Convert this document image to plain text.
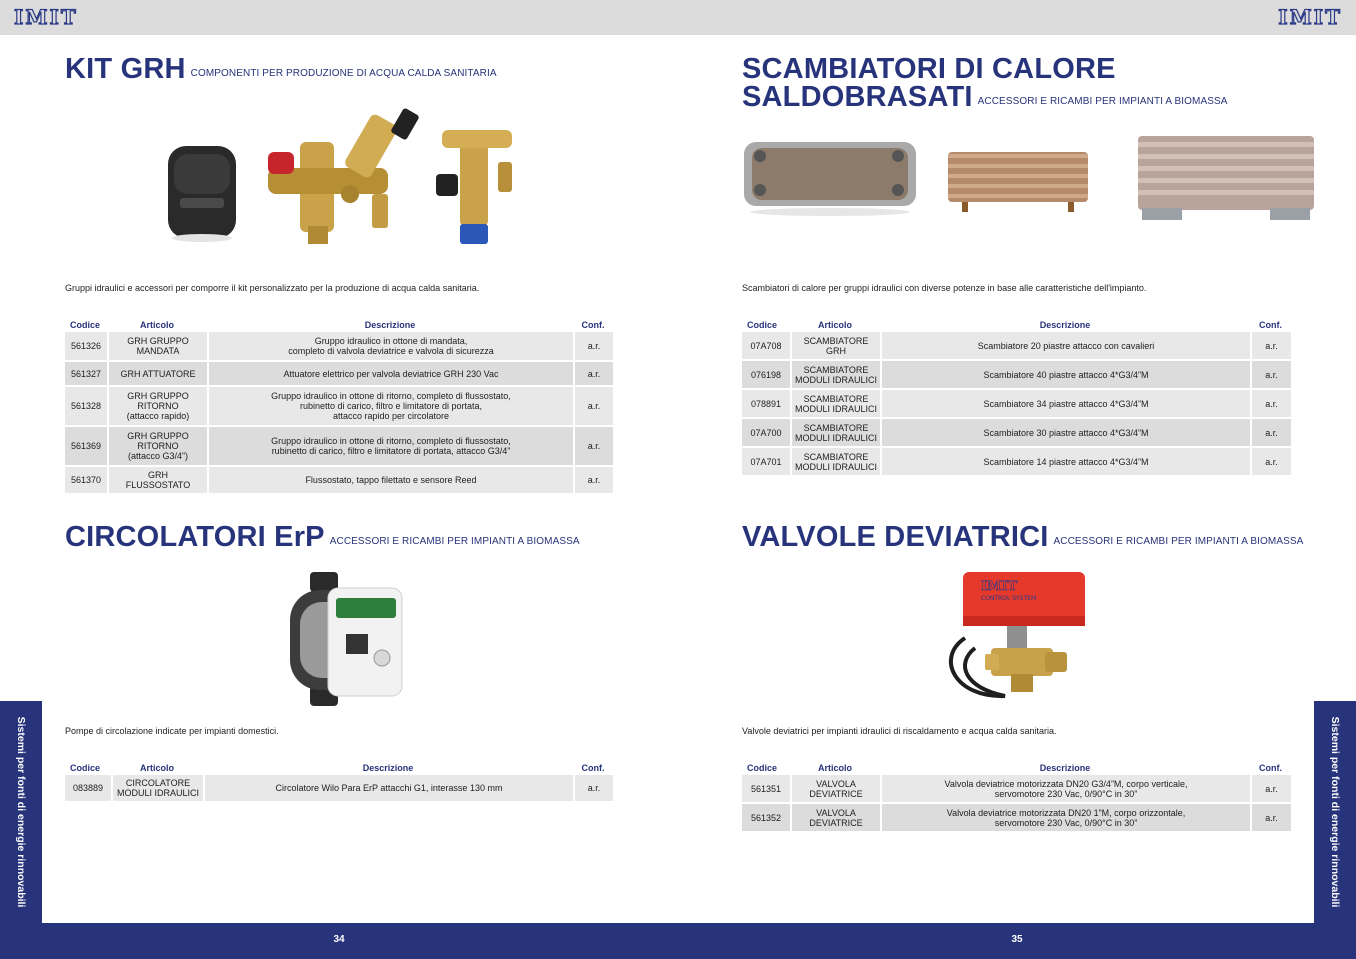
IMIT	IMIT
34	35
Sistemi per fonti di energie rinnovabili	Sistemi per fonti di energie rinnovabili
KIT GRH COMPONENTI PER PRODUZIONE DI ACQUA CALDA SANITARIA
Gruppi idraulici e accessori per comporre il kit personalizzato per la produzione di acqua calda sanitaria.
Codice	Articolo	Descrizione	Conf.
561326	GRH GRUPPO
MANDATA	Gruppo idraulico in ottone di mandata,
completo di valvola deviatrice e valvola di sicurezza	a.r.
561327	GRH ATTUATORE	Attuatore elettrico per valvola deviatrice GRH 230 Vac	a.r.
561328	GRH GRUPPO
RITORNO
(attacco rapido)	Gruppo idraulico in ottone di ritorno, completo di flussostato,
rubinetto di carico, filtro e limitatore di portata,
attacco rapido per circolatore	a.r.
561369	GRH GRUPPO
RITORNO
(attacco G3/4”)	Gruppo idraulico in ottone di ritorno, completo di flussostato,
rubinetto di carico, filtro e limitatore di portata, attacco G3/4”	a.r.
561370	GRH
FLUSSOSTATO	Flussostato, tappo filettato e sensore Reed	a.r.
CIRCOLATORI ErP ACCESSORI E RICAMBI PER IMPIANTI A BIOMASSA
Pompe di circolazione indicate per impianti domestici.
Codice	Articolo	Descrizione	Conf.
083889	CIRCOLATORE
MODULI IDRAULICI	Circolatore Wilo Para ErP attacchi G1, interasse 130 mm	a.r.
SCAMBIATORI DI CALORE
SALDOBRASATI ACCESSORI E RICAMBI PER IMPIANTI A BIOMASSA
Scambiatori di calore per gruppi idraulici con diverse potenze in base alle caratteristiche dell'impianto.
Codice	Articolo	Descrizione	Conf.
07A708	SCAMBIATORE
GRH	Scambiatore 20 piastre attacco con cavalieri	a.r.
076198	SCAMBIATORE
MODULI IDRAULICI	Scambiatore 40 piastre attacco 4*G3/4”M	a.r.
078891	SCAMBIATORE
MODULI IDRAULICI	Scambiatore 34 piastre attacco 4*G3/4”M	a.r.
07A700	SCAMBIATORE
MODULI IDRAULICI	Scambiatore 30 piastre attacco 4*G3/4”M	a.r.
07A701	SCAMBIATORE
MODULI IDRAULICI	Scambiatore 14 piastre attacco 4*G3/4”M	a.r.
VALVOLE DEVIATRICI ACCESSORI E RICAMBI PER IMPIANTI A BIOMASSA
IMIT
CONTROL SYSTEM
Valvole deviatrici per impianti idraulici di riscaldamento e acqua calda sanitaria.
Codice	Articolo	Descrizione	Conf.
561351	VALVOLA
DEVIATRICE	Valvola deviatrice motorizzata DN20 G3/4”M, corpo verticale,
servomotore 230 Vac, 0/90°C in 30”	a.r.
561352	VALVOLA
DEVIATRICE	Valvola deviatrice motorizzata DN20 1”M, corpo orizzontale,
servomotore 230 Vac, 0/90°C in 30”	a.r.
